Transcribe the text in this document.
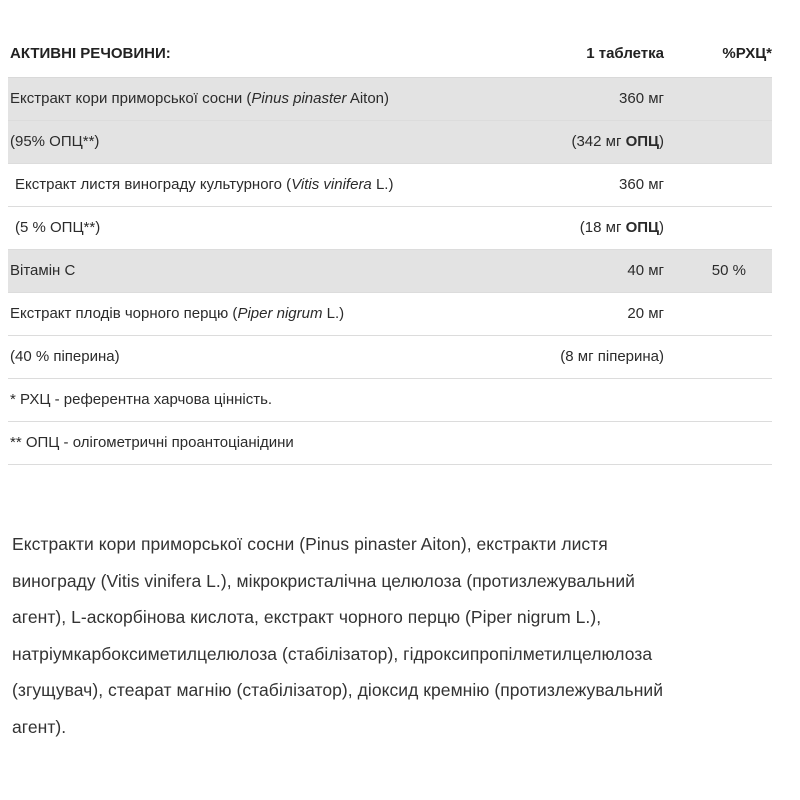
АКТИВНІ РЕЧОВИНИ:	1 таблетка	%РХЦ*
Екстракт кори приморської сосни (Pinus pinaster Aiton)	360 мг
(95% ОПЦ**)	(342 мг ОПЦ)
Екстракт листя винограду культурного (Vitis vinifera L.)	360 мг
(5 % ОПЦ**)	(18 мг ОПЦ)
Вітамін С	40 мг	50 %
Екстракт плодів чорного перцю (Piper nigrum L.)	20 мг
(40 % піперина)	(8 мг піперина)
* РХЦ - референтна харчова цінність.
** ОПЦ - олігометричні проантоціанідини
Екстракти кори приморської сосни (Pinus pinaster Aiton), екстракти листя
винограду (Vitis vinifera L.), мікрокристалічна целюлоза (протизлежувальний
агент), L-аскорбінова кислота, екстракт чорного перцю (Piper nigrum L.),
натріумкарбоксиметилцелюлоза (стабілізатор), гідроксипропілметилцелюлоза
(згущувач), стеарат магнію (стабілізатор), діоксид кремнію (протизлежувальний
агент).
